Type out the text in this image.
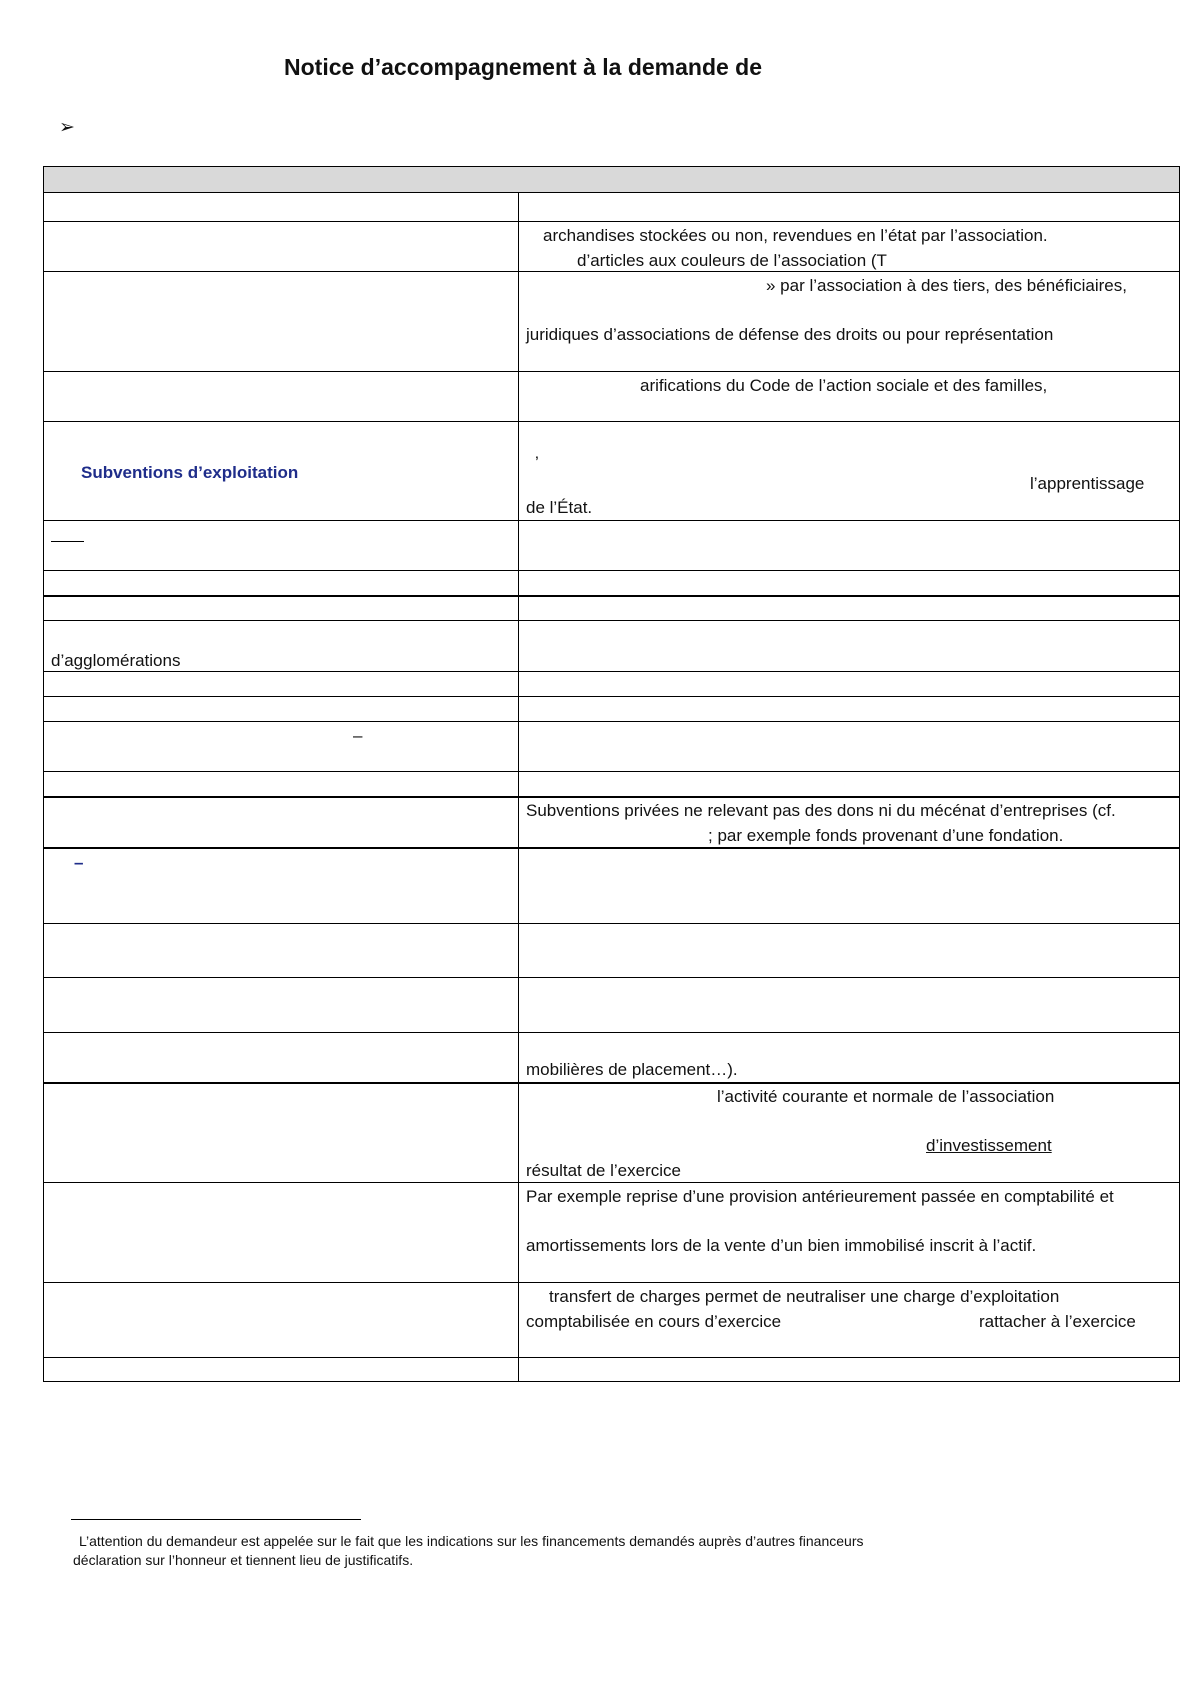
Notice d’accompagnement à la demande de
➢
Subventions d’exploitation
d’agglomérations
–
–
archandises stockées ou non, revendues en l’état par l’association.
d’articles aux couleurs de l’association (T
» par l’association à des tiers, des bénéficiaires,
juridiques d’associations de défense des droits ou pour représentation
arifications du Code de l’action sociale et des familles,
’
l’apprentissage
de l’État.
Subventions privées ne relevant pas des dons ni du mécénat d’entreprises (cf.
; par exemple fonds provenant d’une fondation.
mobilières de placement…).
l’activité courante et normale de l’association
d’investissement
résultat de l’exercice
Par exemple reprise d’une provision antérieurement passée en comptabilité et
amortissements lors de la vente d’un bien immobilisé inscrit à l’actif.
transfert de charges permet de neutraliser une charge d’exploitation
comptabilisée en cours d’exercice	rattacher à l’exercice
L’attention du demandeur est appelée sur le fait que les indications sur les financements demandés auprès d’autres financeurs
déclaration sur l’honneur et tiennent lieu de justificatifs.
